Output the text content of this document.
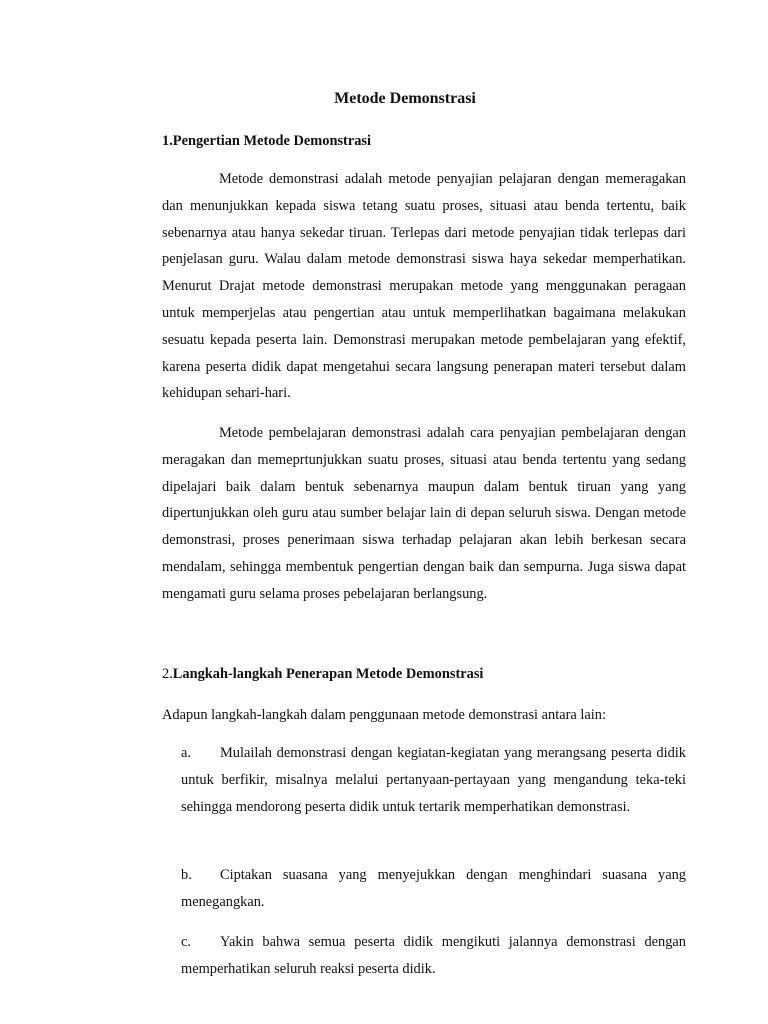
Metode Demonstrasi
1.Pengertian Metode Demonstrasi

Metode demonstrasi adalah metode penyajian pelajaran dengan memeragakan dan menunjukkan kepada siswa tetang suatu proses, situasi atau benda tertentu, baik sebenarnya atau hanya sekedar tiruan. Terlepas dari metode penyajian tidak terlepas dari penjelasan guru. Walau dalam metode demonstrasi siswa haya sekedar memperhatikan. Menurut Drajat metode demonstrasi merupakan metode yang menggunakan peragaan untuk memperjelas atau pengertian atau untuk memperlihatkan bagaimana melakukan sesuatu kepada peserta lain. Demonstrasi merupakan metode pembelajaran yang efektif, karena peserta didik dapat mengetahui secara langsung penerapan materi tersebut dalam kehidupan sehari-hari.

Metode pembelajaran demonstrasi adalah cara penyajian pembelajaran dengan meragakan dan memeprtunjukkan suatu proses, situasi atau benda tertentu yang sedang dipelajari baik dalam bentuk sebenarnya maupun dalam bentuk tiruan yang yang dipertunjukkan oleh guru atau sumber belajar lain di depan seluruh siswa. Dengan metode demonstrasi, proses penerimaan siswa terhadap pelajaran akan lebih berkesan secara mendalam, sehingga membentuk pengertian dengan baik dan sempurna. Juga siswa dapat mengamati guru selama proses pebelajaran berlangsung.

2.Langkah-langkah Penerapan Metode Demonstrasi

Adapun langkah-langkah dalam penggunaan metode demonstrasi antara lain:

a. Mulailah demonstrasi dengan kegiatan-kegiatan yang merangsang peserta didik untuk berfikir, misalnya melalui pertanyaan-pertayaan yang mengandung teka-teki sehingga mendorong peserta didik untuk tertarik memperhatikan demonstrasi.

b. Ciptakan suasana yang menyejukkan dengan menghindari suasana yang menegangkan.

c. Yakin bahwa semua peserta didik mengikuti jalannya demonstrasi dengan memperhatikan seluruh reaksi peserta didik.
